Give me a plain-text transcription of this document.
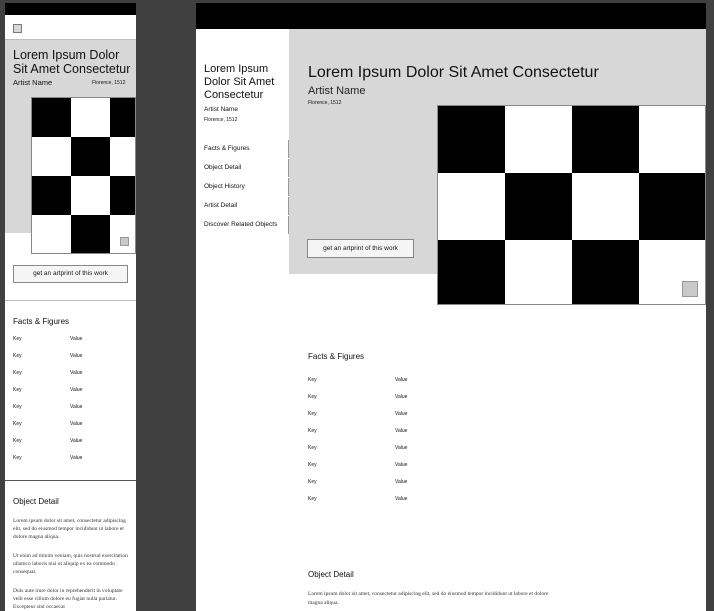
Lorem Ipsum Dolor Sit Amet Consectetur
Artist Name	Florence, 1512
get an artprint of this work
Facts & Figures
Key	Value
Key	Value
Key	Value
Key	Value
Key	Value
Key	Value
Key	Value
Key	Value
Object Detail
Lorem ipsum dolor sit amet, consectetur adipiscing elit, sed do eiusmod tempor incididunt ut labore et dolore magna aliqua.
Ut enim ad minim veniam, quis nostrud exercitation ullamco laboris nisi ut aliquip ex ea commodo consequat.
Duis aute irure dolor in reprehenderit in voluptate velit esse cillum dolore eu fugiat nulla pariatur. Excepteur sint occaecat
Lorem Ipsum Dolor Sit Amet Consectetur
Artist Name
Florence, 1512
Facts & Figures
Object Detail
Object History
Artist Detail
Discover Related Objects
Lorem Ipsum Dolor Sit Amet Consectetur
Artist Name
Florence, 1512
get an artprint of this work
Facts & Figures
Key	Value
Key	Value
Key	Value
Key	Value
Key	Value
Key	Value
Key	Value
Key	Value
Object Detail
Lorem ipsum dolor sit amet, consectetur adipiscing elit, sed do eiusmod tempor incididunt ut labore et dolore magna aliqua.
